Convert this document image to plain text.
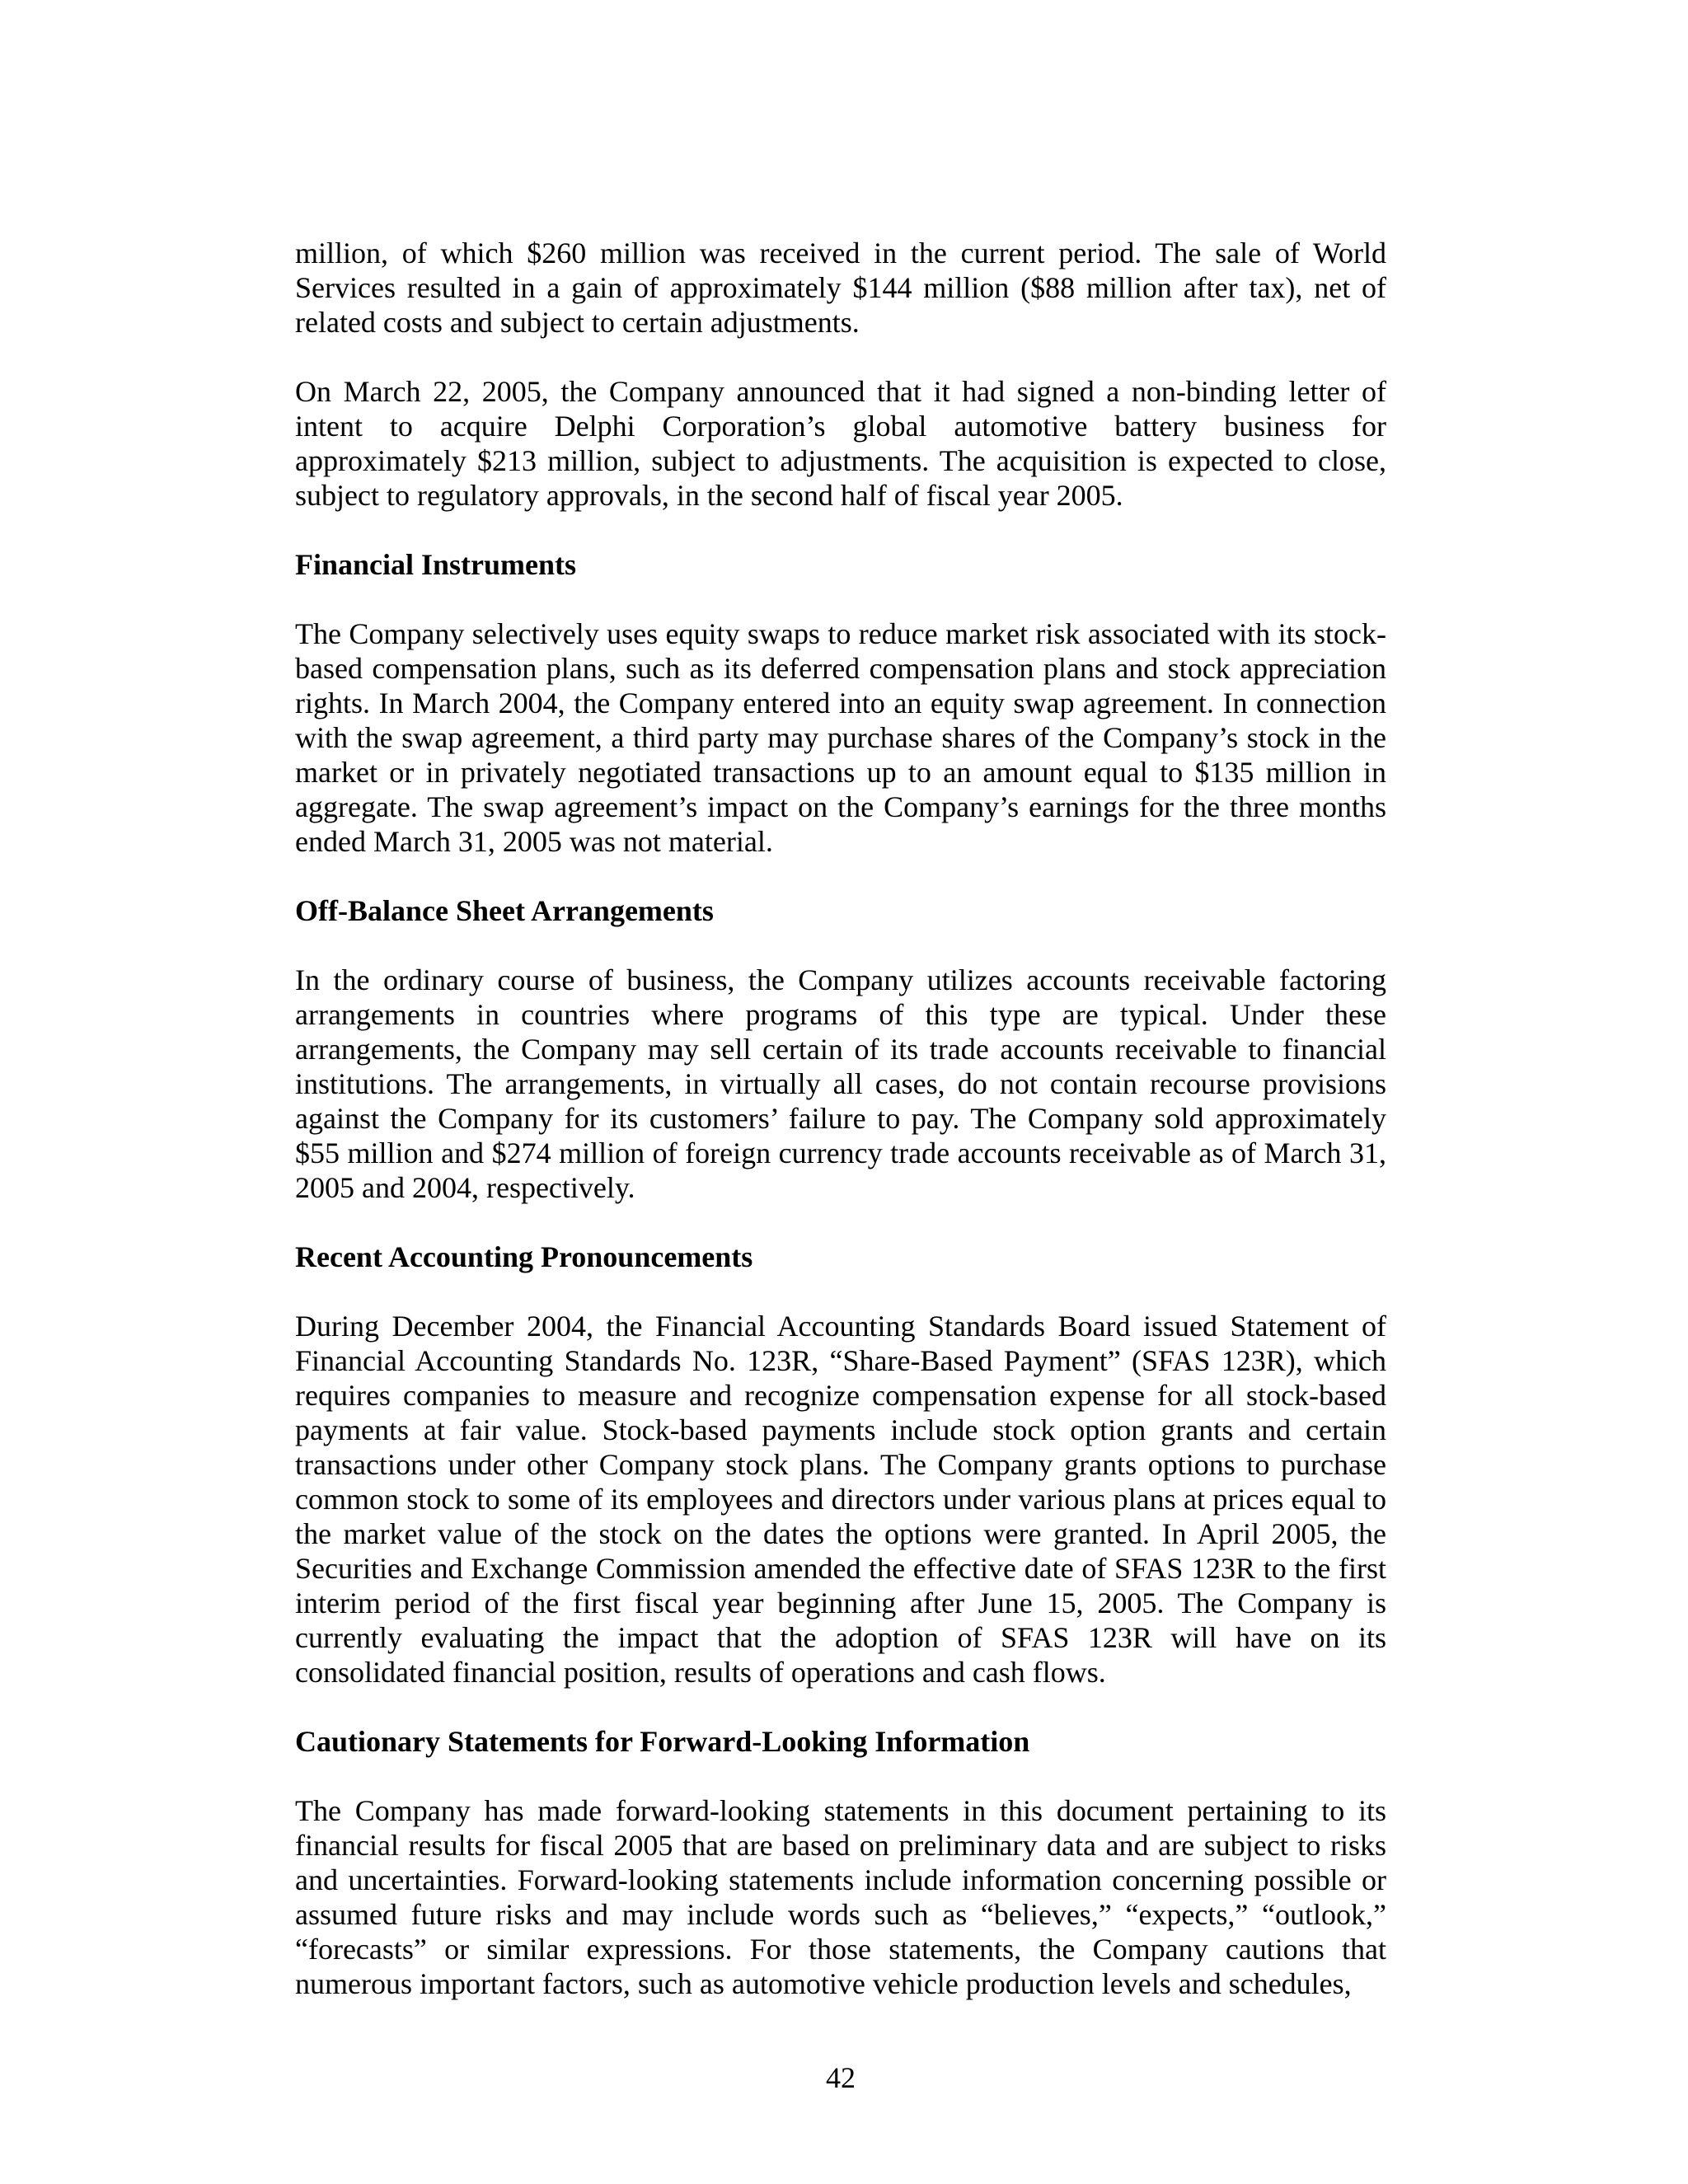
million, of which $260 million was received in the current period. The sale of World Services resulted in a gain of approximately $144 million ($88 million after tax), net of related costs and subject to certain adjustments.

On March 22, 2005, the Company announced that it had signed a non-binding letter of intent to acquire Delphi Corporation’s global automotive battery business for approximately $213 million, subject to adjustments. The acquisition is expected to close, subject to regulatory approvals, in the second half of fiscal year 2005.

Financial Instruments

The Company selectively uses equity swaps to reduce market risk associated with its stock-based compensation plans, such as its deferred compensation plans and stock appreciation rights. In March 2004, the Company entered into an equity swap agreement. In connection with the swap agreement, a third party may purchase shares of the Company’s stock in the market or in privately negotiated transactions up to an amount equal to $135 million in aggregate. The swap agreement’s impact on the Company’s earnings for the three months ended March 31, 2005 was not material.

Off-Balance Sheet Arrangements

In the ordinary course of business, the Company utilizes accounts receivable factoring arrangements in countries where programs of this type are typical. Under these arrangements, the Company may sell certain of its trade accounts receivable to financial institutions. The arrangements, in virtually all cases, do not contain recourse provisions against the Company for its customers’ failure to pay. The Company sold approximately $55 million and $274 million of foreign currency trade accounts receivable as of March 31, 2005 and 2004, respectively.

Recent Accounting Pronouncements

During December 2004, the Financial Accounting Standards Board issued Statement of Financial Accounting Standards No. 123R, “Share-Based Payment” (SFAS 123R), which requires companies to measure and recognize compensation expense for all stock-based payments at fair value. Stock-based payments include stock option grants and certain transactions under other Company stock plans. The Company grants options to purchase common stock to some of its employees and directors under various plans at prices equal to the market value of the stock on the dates the options were granted. In April 2005, the Securities and Exchange Commission amended the effective date of SFAS 123R to the first interim period of the first fiscal year beginning after June 15, 2005. The Company is currently evaluating the impact that the adoption of SFAS 123R will have on its consolidated financial position, results of operations and cash flows.

Cautionary Statements for Forward-Looking Information

The Company has made forward-looking statements in this document pertaining to its financial results for fiscal 2005 that are based on preliminary data and are subject to risks and uncertainties. Forward-looking statements include information concerning possible or assumed future risks and may include words such as “believes,” “expects,” “outlook,” “forecasts” or similar expressions. For those statements, the Company cautions that numerous important factors, such as automotive vehicle production levels and schedules,

42
